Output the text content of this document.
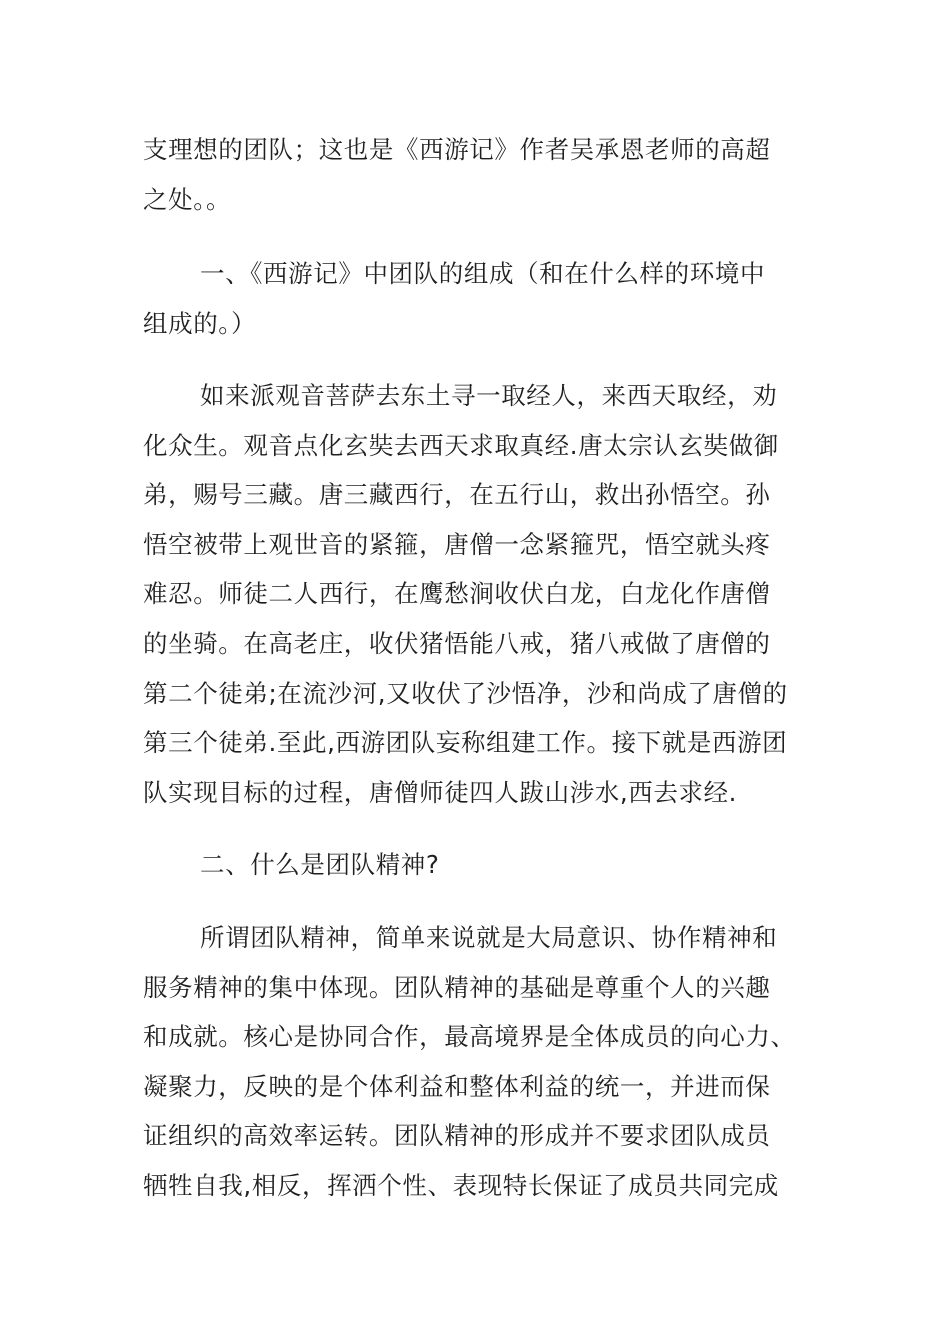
支理想的团队；这也是《西游记》作者吴承恩老师的高超
之处。。

一、《西游记》中团队的组成（和在什么样的环境中
组成的。）

如来派观音菩萨去东土寻一取经人，来西天取经，劝
化众生。观音点化玄奘去西天求取真经.唐太宗认玄奘做御
弟，赐号三藏。唐三藏西行，在五行山，救出孙悟空。孙
悟空被带上观世音的紧箍，唐僧一念紧箍咒，悟空就头疼
难忍。师徒二人西行，在鹰愁涧收伏白龙，白龙化作唐僧
的坐骑。在高老庄，收伏猪悟能八戒，猪八戒做了唐僧的
第二个徒弟;在流沙河,又收伏了沙悟净，沙和尚成了唐僧的
第三个徒弟.至此,西游团队妄称组建工作。接下就是西游团
队实现目标的过程，唐僧师徒四人跋山涉水,西去求经.

二、什么是团队精神?

所谓团队精神，简单来说就是大局意识、协作精神和
服务精神的集中体现。团队精神的基础是尊重个人的兴趣
和成就。核心是协同合作，最高境界是全体成员的向心力、
凝聚力，反映的是个体利益和整体利益的统一，并进而保
证组织的高效率运转。团队精神的形成并不要求团队成员
牺牲自我,相反，挥洒个性、表现特长保证了成员共同完成
